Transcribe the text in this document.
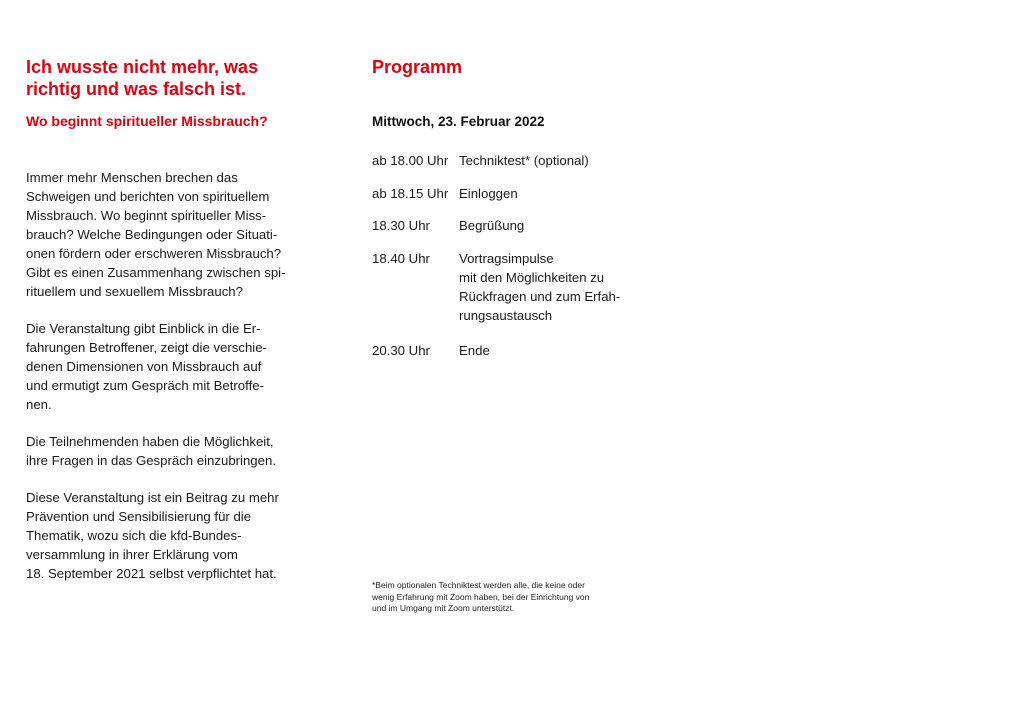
Ich wusste nicht mehr, was richtig und was falsch ist.
Wo beginnt spiritueller Missbrauch?

Immer mehr Menschen brechen das
Schweigen und berichten von spirituellem
Missbrauch. Wo beginnt spiritueller Miss-
brauch? Welche Bedingungen oder Situati-
onen fördern oder erschweren Missbrauch?
Gibt es einen Zusammenhang zwischen spi-
rituellem und sexuellem Missbrauch?

Die Veranstaltung gibt Einblick in die Er-
fahrungen Betroffener, zeigt die verschie-
denen Dimensionen von Missbrauch auf
und ermutigt zum Gespräch mit Betroffe-
nen.

Die Teilnehmenden haben die Möglichkeit,
ihre Fragen in das Gespräch einzubringen.

Diese Veranstaltung ist ein Beitrag zu mehr
Prävention und Sensibilisierung für die
Thematik, wozu sich die kfd-Bundes-
versammlung in ihrer Erklärung vom
18. September 2021 selbst verpflichtet hat.

Programm

Mittwoch, 23. Februar 2022

ab 18.00 Uhr Techniktest* (optional)
ab 18.15 Uhr Einloggen
18.30 Uhr	Begrüßung
18.40 Uhr	Vortragsimpulse
mit den Möglichkeiten zu
Rückfragen und zum Erfah-
rungsaustausch
20.30 Uhr	Ende
*Beim optionalen Techniktest werden alle, die keine oder
wenig Erfahrung mit Zoom haben, bei der Einrichtung von
und im Umgang mit Zoom unterstützt.
